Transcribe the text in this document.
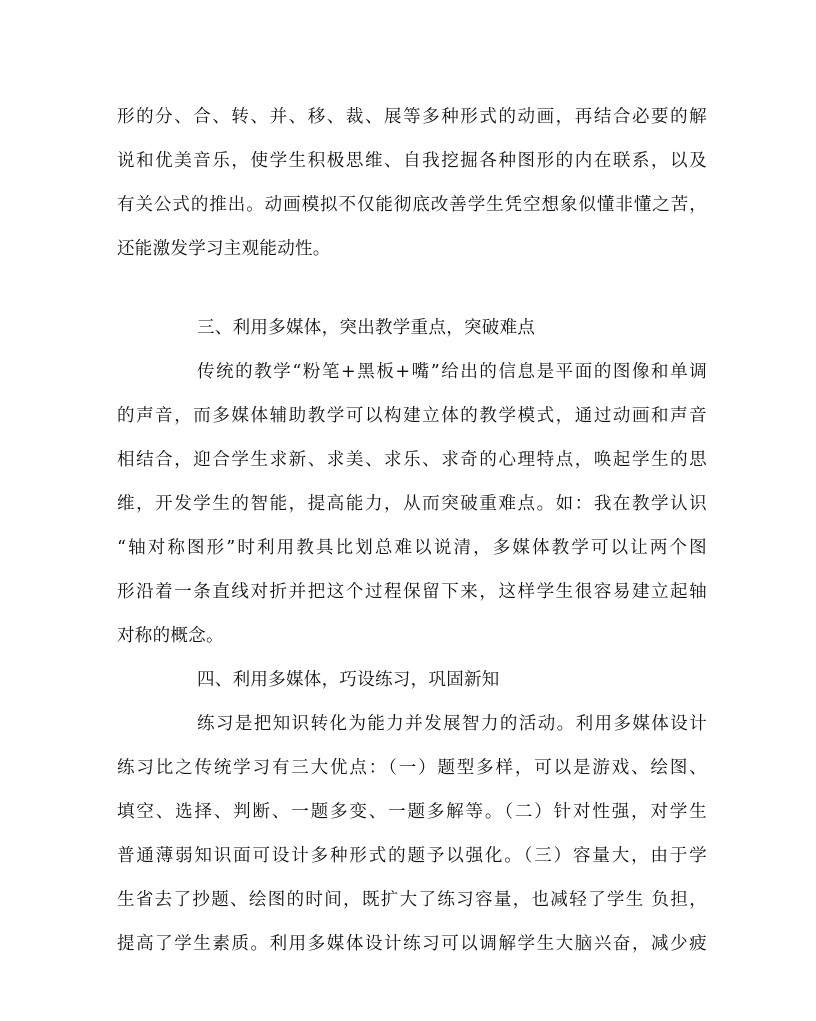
形的分、合、转、并、移、裁、展等多种形式的动画，再结合必要的解
说和优美音乐，使学生积极思维、自我挖掘各种图形的内在联系，以及
有关公式的推出。动画模拟不仅能彻底改善学生凭空想象似懂非懂之苦，
还能激发学习主观能动性。
三、利用多媒体，突出教学重点，突破难点
传统的教学“粉笔+黑板+嘴”给出的信息是平面的图像和单调
的声音，而多媒体辅助教学可以构建立体的教学模式，通过动画和声音
相结合，迎合学生求新、求美、求乐、求奇的心理特点，唤起学生的思
维，开发学生的智能，提高能力，从而突破重难点。如：我在教学认识
“轴对称图形”时利用教具比划总难以说清，多媒体教学可以让两个图
形沿着一条直线对折并把这个过程保留下来，这样学生很容易建立起轴
对称的概念。
四、利用多媒体，巧设练习，巩固新知
练习是把知识转化为能力并发展智力的活动。利用多媒体设计
练习比之传统学习有三大优点：（一）题型多样，可以是游戏、绘图、
填空、选择、判断、一题多变、一题多解等。（二）针对性强，对学生
普通薄弱知识面可设计多种形式的题予以强化。（三）容量大，由于学
生省去了抄题、绘图的时间，既扩大了练习容量，也减轻了学生 负担，
提高了学生素质。利用多媒体设计练习可以调解学生大脑兴奋，减少疲
